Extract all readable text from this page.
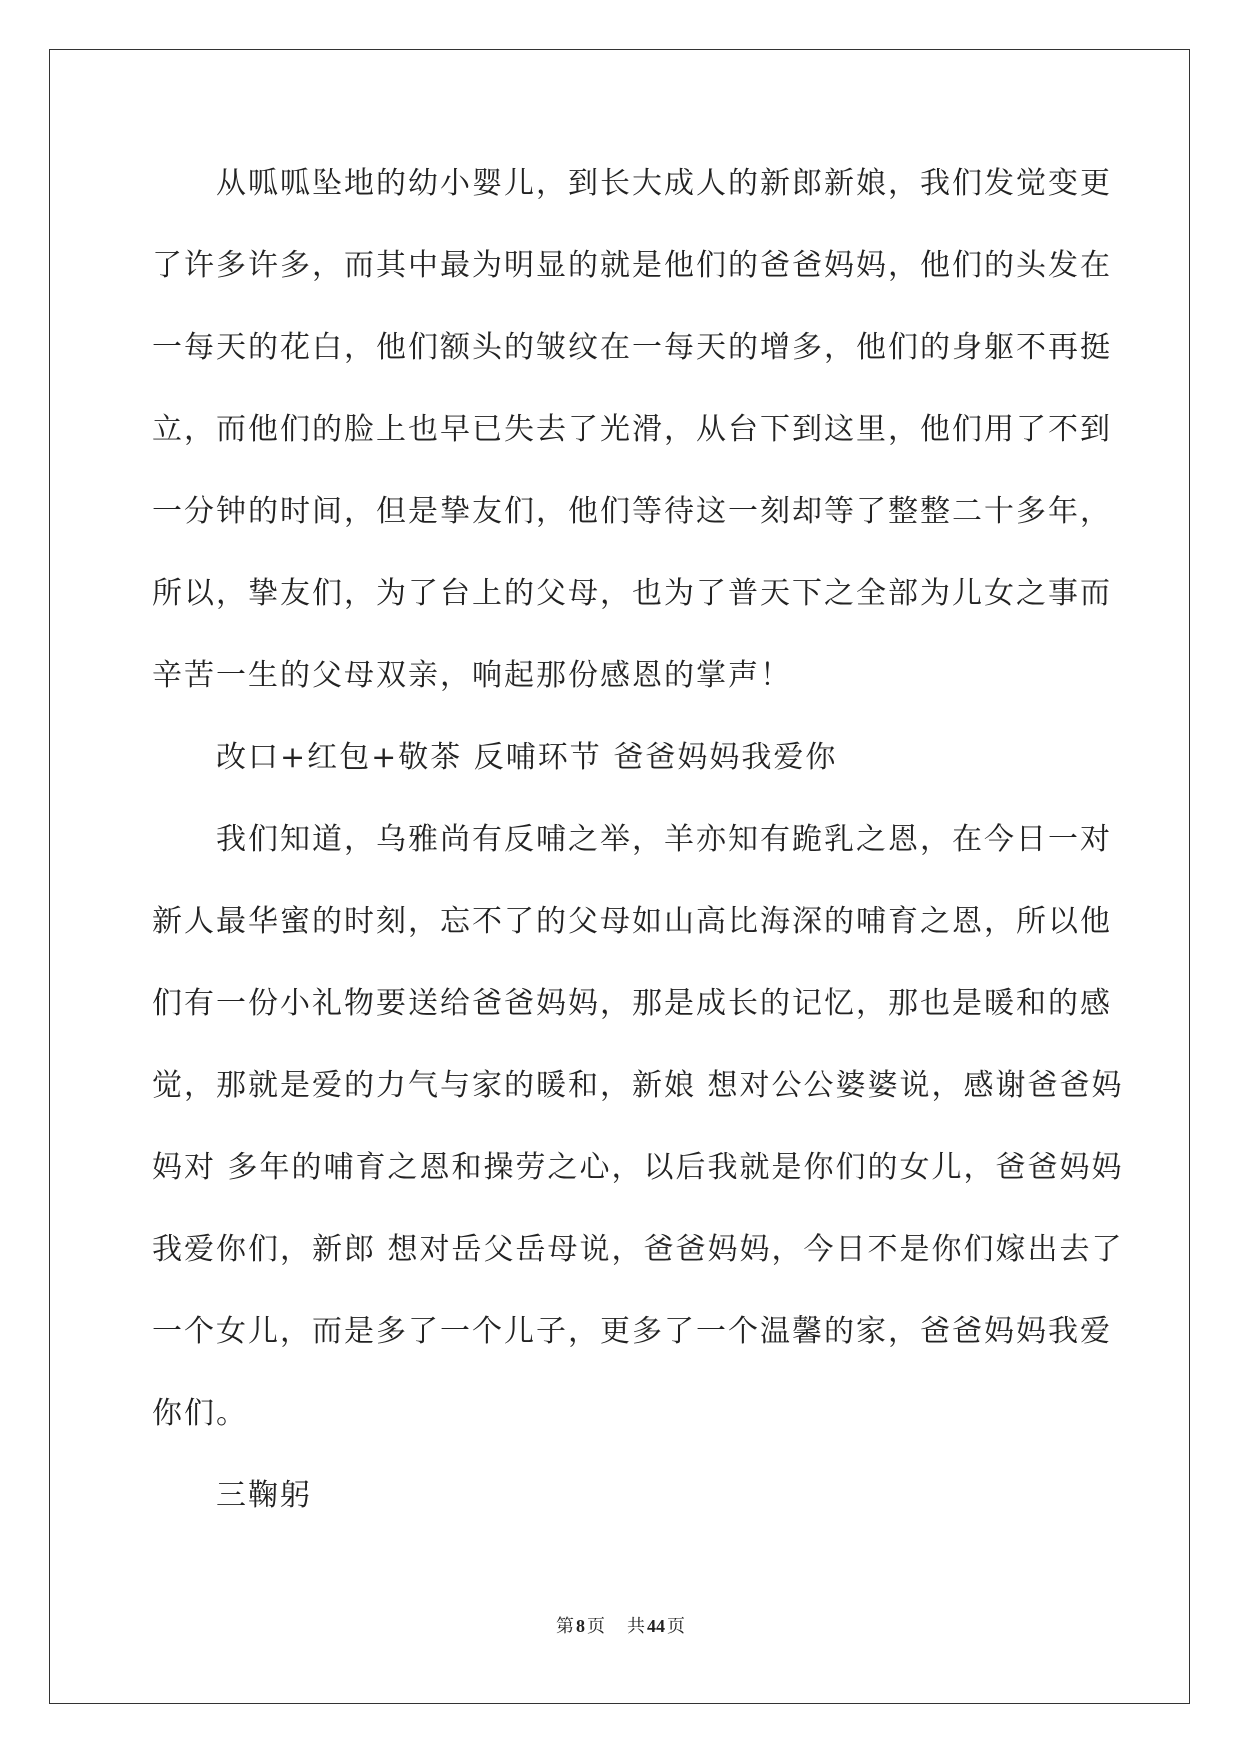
从呱呱坠地的幼小婴儿，到长大成人的新郎新娘，我们发觉变更
了许多许多，而其中最为明显的就是他们的爸爸妈妈，他们的头发在
一每天的花白，他们额头的皱纹在一每天的增多，他们的身躯不再挺
立，而他们的脸上也早已失去了光滑，从台下到这里，他们用了不到
一分钟的时间，但是挚友们，他们等待这一刻却等了整整二十多年，
所以，挚友们，为了台上的父母，也为了普天下之全部为儿女之事而
辛苦一生的父母双亲，响起那份感恩的掌声！
改口+红包+敬茶 反哺环节 爸爸妈妈我爱你
我们知道，乌雅尚有反哺之举，羊亦知有跪乳之恩，在今日一对
新人最华蜜的时刻，忘不了的父母如山高比海深的哺育之恩，所以他
们有一份小礼物要送给爸爸妈妈，那是成长的记忆，那也是暖和的感
觉，那就是爱的力气与家的暖和，新娘 想对公公婆婆说，感谢爸爸妈
妈对 多年的哺育之恩和操劳之心，以后我就是你们的女儿，爸爸妈妈
我爱你们，新郎 想对岳父岳母说，爸爸妈妈，今日不是你们嫁出去了
一个女儿，而是多了一个儿子，更多了一个温馨的家，爸爸妈妈我爱
你们。
三鞠躬
第 8 页 共 44 页
